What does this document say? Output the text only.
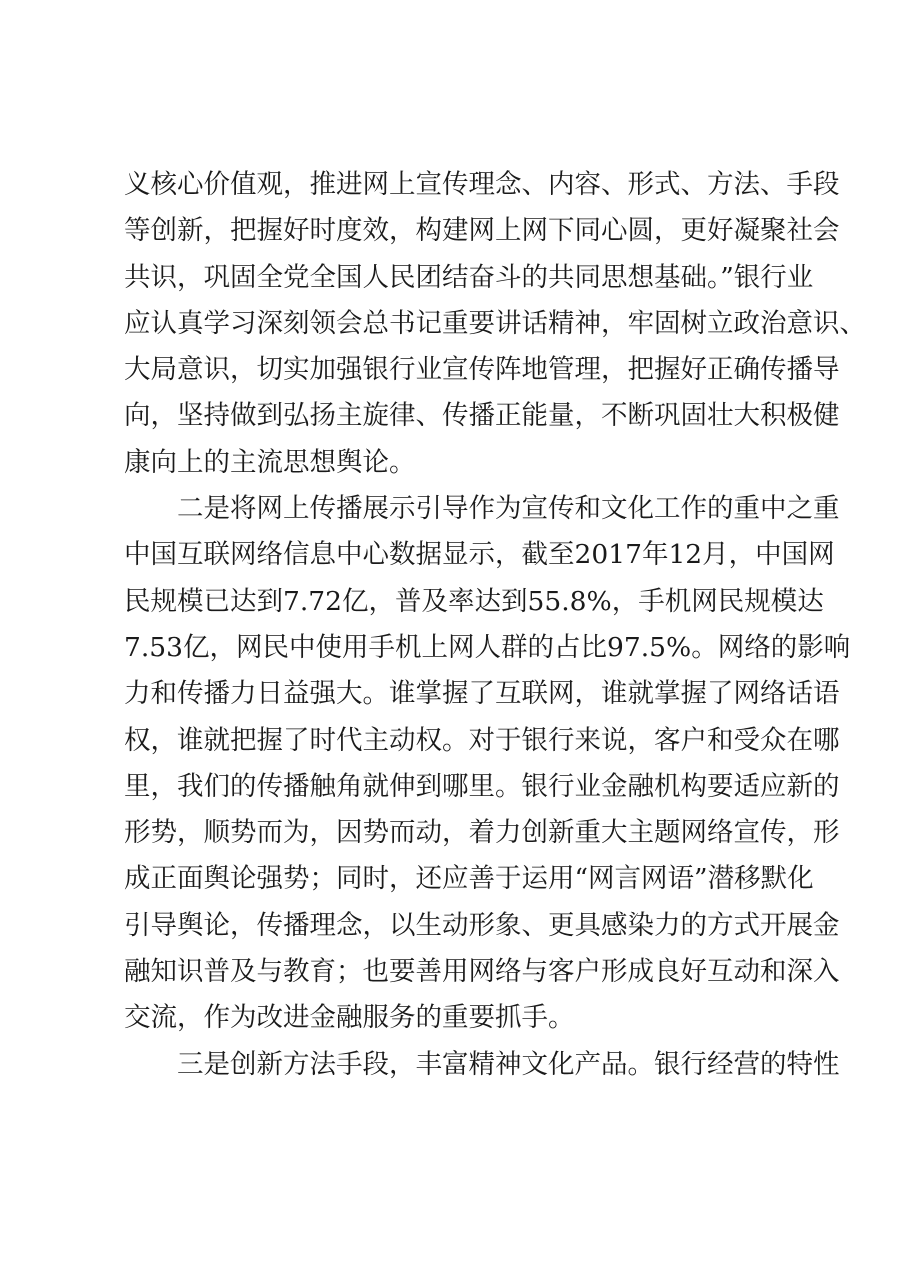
义核心价值观，推进网上宣传理念、内容、形式、方法、手段
等创新，把握好时度效，构建网上网下同心圆，更好凝聚社会
共识，巩固全党全国人民团结奋斗的共同思想基础。”银行业
应认真学习深刻领会总书记重要讲话精神，牢固树立政治意识、
大局意识，切实加强银行业宣传阵地管理，把握好正确传播导
向，坚持做到弘扬主旋律、传播正能量，不断巩固壮大积极健
康向上的主流思想舆论。
二是将网上传播展示引导作为宣传和文化工作的重中之重
中国互联网络信息中心数据显示，截至2017年12月，中国网
民规模已达到7.72亿，普及率达到55.8%，手机网民规模达
7.53亿，网民中使用手机上网人群的占比97.5%。网络的影响
力和传播力日益强大。谁掌握了互联网，谁就掌握了网络话语
权，谁就把握了时代主动权。对于银行来说，客户和受众在哪
里，我们的传播触角就伸到哪里。银行业金融机构要适应新的
形势，顺势而为，因势而动，着力创新重大主题网络宣传，形
成正面舆论强势；同时，还应善于运用“网言网语”潜移默化
引导舆论，传播理念，以生动形象、更具感染力的方式开展金
融知识普及与教育；也要善用网络与客户形成良好互动和深入
交流，作为改进金融服务的重要抓手。
三是创新方法手段，丰富精神文化产品。银行经营的特性
